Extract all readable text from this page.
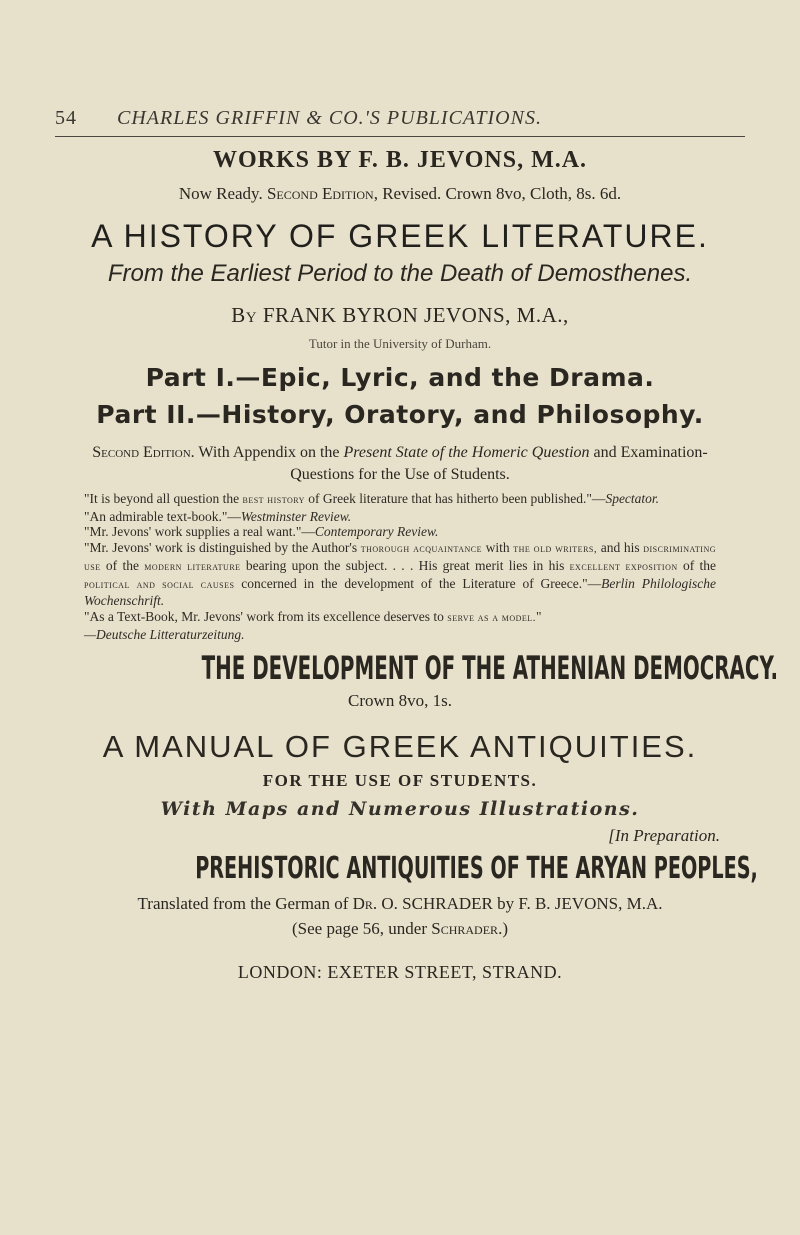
54 CHARLES GRIFFIN & CO.'S PUBLICATIONS.
WORKS BY F. B. JEVONS, M.A.
Now Ready. Second Edition, Revised. Crown 8vo, Cloth, 8s. 6d.
A HISTORY OF GREEK LITERATURE.
From the Earliest Period to the Death of Demosthenes.
By FRANK BYRON JEVONS, M.A.,
Tutor in the University of Durham.
Part I.—Epic, Lyric, and the Drama.
Part II.—History, Oratory, and Philosophy.
Second Edition. With Appendix on the Present State of the Homeric Question and Examination-Questions for the Use of Students.

"It is beyond all question the best history of Greek literature that has hitherto been published."—Spectator.

"An admirable text-book."—Westminster Review.

"Mr. Jevons' work supplies a real want."—Contemporary Review.

"Mr. Jevons' work is distinguished by the Author's thorough acquaintance with the old writers, and his discriminating use of the modern literature bearing upon the subject. . . . His great merit lies in his excellent exposition of the political and social causes concerned in the development of the Literature of Greece."—Berlin Philologische Wochenschrift.

"As a Text-Book, Mr. Jevons' work from its excellence deserves to serve as a model."
—Deutsche Litteraturzeitung.

THE DEVELOPMENT OF THE ATHENIAN DEMOCRACY.
Crown 8vo, 1s.
A MANUAL OF GREEK ANTIQUITIES.
FOR THE USE OF STUDENTS.
With Maps and Numerous Illustrations.
[In Preparation.
PREHISTORIC ANTIQUITIES OF THE ARYAN PEOPLES,
Translated from the German of Dr. O. SCHRADER by F. B. JEVONS, M.A.
(See page 56, under Schrader.)
LONDON: EXETER STREET, STRAND.
